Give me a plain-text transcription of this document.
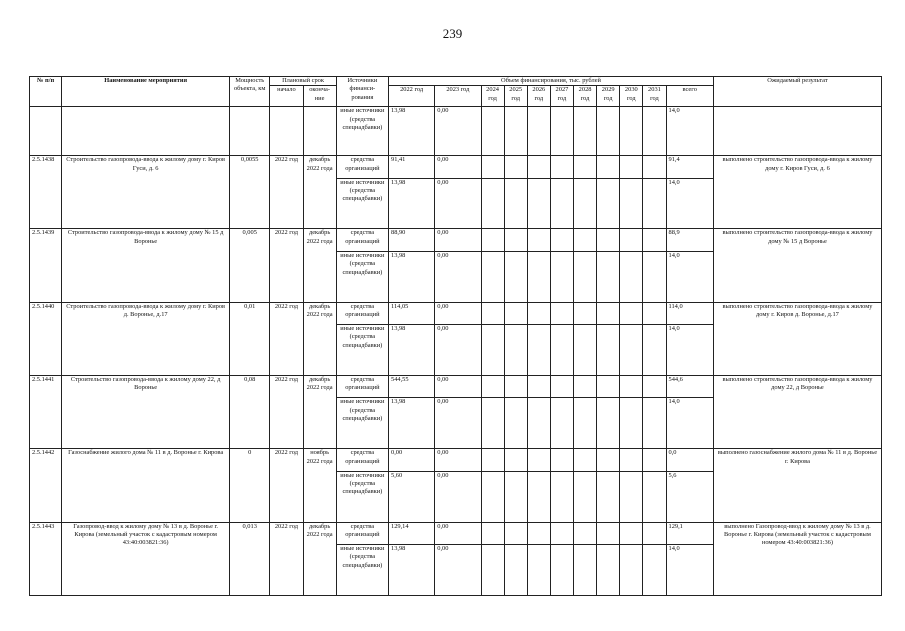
239
№ п/п	Наименование мероприятия	Мощность объекта, км	Плановый срок		Источники финанси-рования	Объем финансирования, тыс. рублей											Ожидаемый результат
			начало	оконча-ние		2022 год	2023 год	2024 год	2025 год	2026 год	2027 год	2028 год	2029 год	2030 год	2031 год	всего	

					иные источники (средства спецнадбавки)	13,98	0,00									14,0	
2.5.1438	Строительство газопровода-ввода к жилому дому г. Киров Гуси, д. 6	0,0055	2022 год	декабрь 2022 года	средства организаций	91,41	0,00									91,4	выполнено строительство газопровода-ввода к жилому дому г. Киров Гуси, д. 6
					иные источники (средства спецнадбавки)	13,98	0,00									14,0	
2.5.1439	Строительство газопровода-ввода к жилому дому № 15 д Воронье	0,005	2022 год	декабрь 2022 года	средства организаций	88,90	0,00									88,9	выполнено строительство газопровода-ввода к жилому дому № 15 д Воронье
					иные источники (средства спецнадбавки)	13,98	0,00									14,0	
2.5.1440	Строительство газопровода-ввода к жилому дому г. Киров д. Воронье, д.17	0,01	2022 год	декабрь 2022 года	средства организаций	114,05	0,00									114,0	выполнено строительство газопровода-ввода к жилому дому г. Киров д. Воронье, д.17
					иные источники (средства спецнадбавки)	13,98	0,00									14,0	
2.5.1441	Строительство газопровода-ввода к жилому дому 22, д Воронье	0,08	2022 год	декабрь 2022 года	средства организаций	544,55	0,00									544,6	выполнено строительство газопровода-ввода к жилому дому 22, д Воронье
					иные источники (средства спецнадбавки)	13,98	0,00									14,0	
2.5.1442	Газоснабжение жилого дома № 11 в д. Воронье г. Кирова	0	2022 год	ноябрь 2022 года	средства организаций	0,00	0,00									0,0	выполнено газоснабжение жилого дома № 11 в д. Воронье г. Кирова
					иные источники (средства спецнадбавки)	5,60	0,00									5,6	
2.5.1443	Газопровод-ввод к жилому дому № 13 в д. Воронье г. Кирова (земельный участок с кадастровым номером 43:40:003821:36)	0,013	2022 год	декабрь 2022 года	средства организаций	129,14	0,00									129,1	выполнено Газопровод-ввод к жилому дому № 13 в д. Воронье г. Кирова (земельный участок с кадастровым номером 43:40:003821:36)
					иные источники (средства спецнадбавки)	13,98	0,00									14,0	
